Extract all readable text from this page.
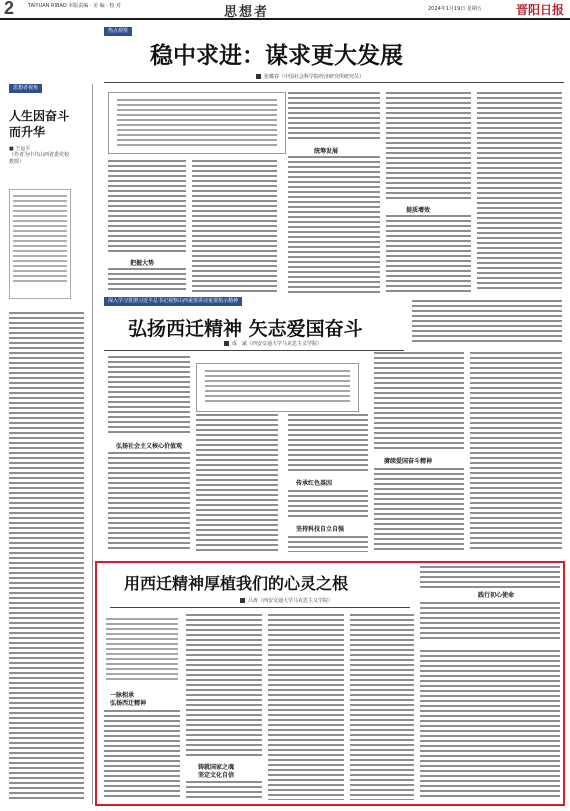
2	TAIYUAN RIBAO 本版责编 · 美 编 · 校 对	思想者	2024年1月19日 星期五	晋阳日报
思想者视角
人生因奋斗
而升华
■ 王运平
（作者为中共山西省委党校教授）
热点观察
稳中求进：谋求更大发展
张耀春（中国社会科学院经济研究所研究员）
把握大势
统筹发展
提质增效
深入学习贯彻习近平总书记视察山西重要讲话重要指示精神
弘扬西迁精神 矢志爱国奋斗
成　斌（西安交通大学马克思主义学院）
弘扬社会主义核心价值观
传承红色基因
坚持科技自立自强
赓续爱国奋斗精神
用西迁精神厚植我们的心灵之根
吕涛（西安交通大学马克思主义学院）
践行初心使命
一脉相承
弘扬西迁精神
铸就国家之魂
坚定文化自信
